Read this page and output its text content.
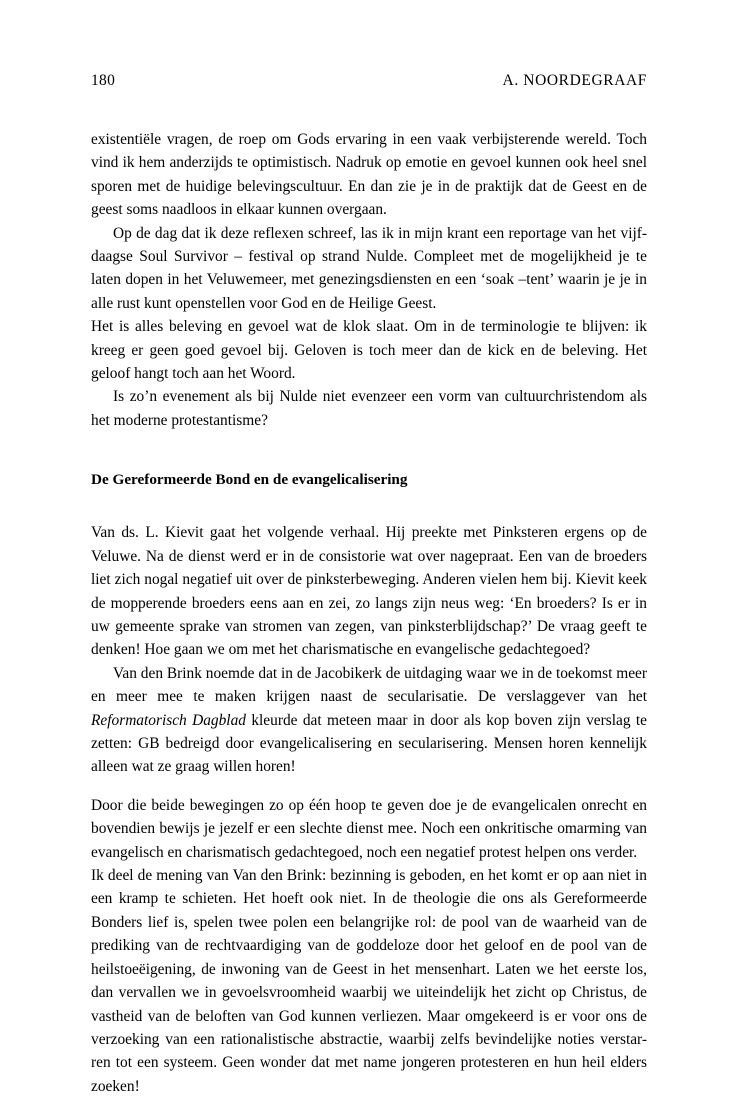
180	A. NOORDEGRAAF

existentiële vragen, de roep om Gods ervaring in een vaak verbijsterende wereld. Toch vind ik hem anderzijds te optimistisch. Nadruk op emotie en gevoel kunnen ook heel snel sporen met de huidige belevingscultuur. En dan zie je in de praktijk dat de Geest en de geest soms naadloos in elkaar kunnen overgaan.

Op de dag dat ik deze reflexen schreef, las ik in mijn krant een reportage van het vijf-daagse Soul Survivor – festival op strand Nulde. Compleet met de mogelijkheid je te laten dopen in het Veluwemeer, met genezingsdiensten en een ‘soak –tent’ waarin je je in alle rust kunt openstellen voor God en de Heilige Geest.

Het is alles beleving en gevoel wat de klok slaat. Om in de terminologie te blijven: ik kreeg er geen goed gevoel bij. Geloven is toch meer dan de kick en de beleving. Het geloof hangt toch aan het Woord.

Is zo’n evenement als bij Nulde niet evenzeer een vorm van cultuurchristendom als het moderne protestantisme?

De Gereformeerde Bond en de evangelicalisering

Van ds. L. Kievit gaat het volgende verhaal. Hij preekte met Pinksteren ergens op de Veluwe. Na de dienst werd er in de consistorie wat over nagepraat. Een van de broeders liet zich nogal negatief uit over de pinksterbeweging. Anderen vielen hem bij. Kievit keek de mopperende broeders eens aan en zei, zo langs zijn neus weg: ‘En broeders? Is er in uw gemeente sprake van stromen van zegen, van pinksterblijdschap?’ De vraag geeft te denken! Hoe gaan we om met het charismatische en evangelische gedachtegoed?

Van den Brink noemde dat in de Jacobikerk de uitdaging waar we in de toekomst meer en meer mee te maken krijgen naast de secularisatie. De verslaggever van het Reformatorisch Dagblad kleurde dat meteen maar in door als kop boven zijn verslag te zetten: GB bedreigd door evangelicalisering en secularisering. Mensen horen kennelijk alleen wat ze graag willen horen!

Door die beide bewegingen zo op één hoop te geven doe je de evangelicalen onrecht en bovendien bewijs je jezelf er een slechte dienst mee. Noch een onkritische omarming van evangelisch en charismatisch gedachtegoed, noch een negatief protest helpen ons verder.

Ik deel de mening van Van den Brink: bezinning is geboden, en het komt er op aan niet in een kramp te schieten. Het hoeft ook niet. In de theologie die ons als Gereformeerde Bonders lief is, spelen twee polen een belangrijke rol: de pool van de waarheid van de prediking van de rechtvaardiging van de goddeloze door het geloof en de pool van de heilstoeëigening, de inwoning van de Geest in het mensenhart. Laten we het eerste los, dan vervallen we in gevoelsvroomheid waarbij we uiteindelijk het zicht op Christus, de vastheid van de beloften van God kunnen verliezen. Maar omgekeerd is er voor ons de verzoeking van een rationalistische abstractie, waarbij zelfs bevindelijke noties verstar-ren tot een systeem. Geen wonder dat met name jongeren protesteren en hun heil elders zoeken!
